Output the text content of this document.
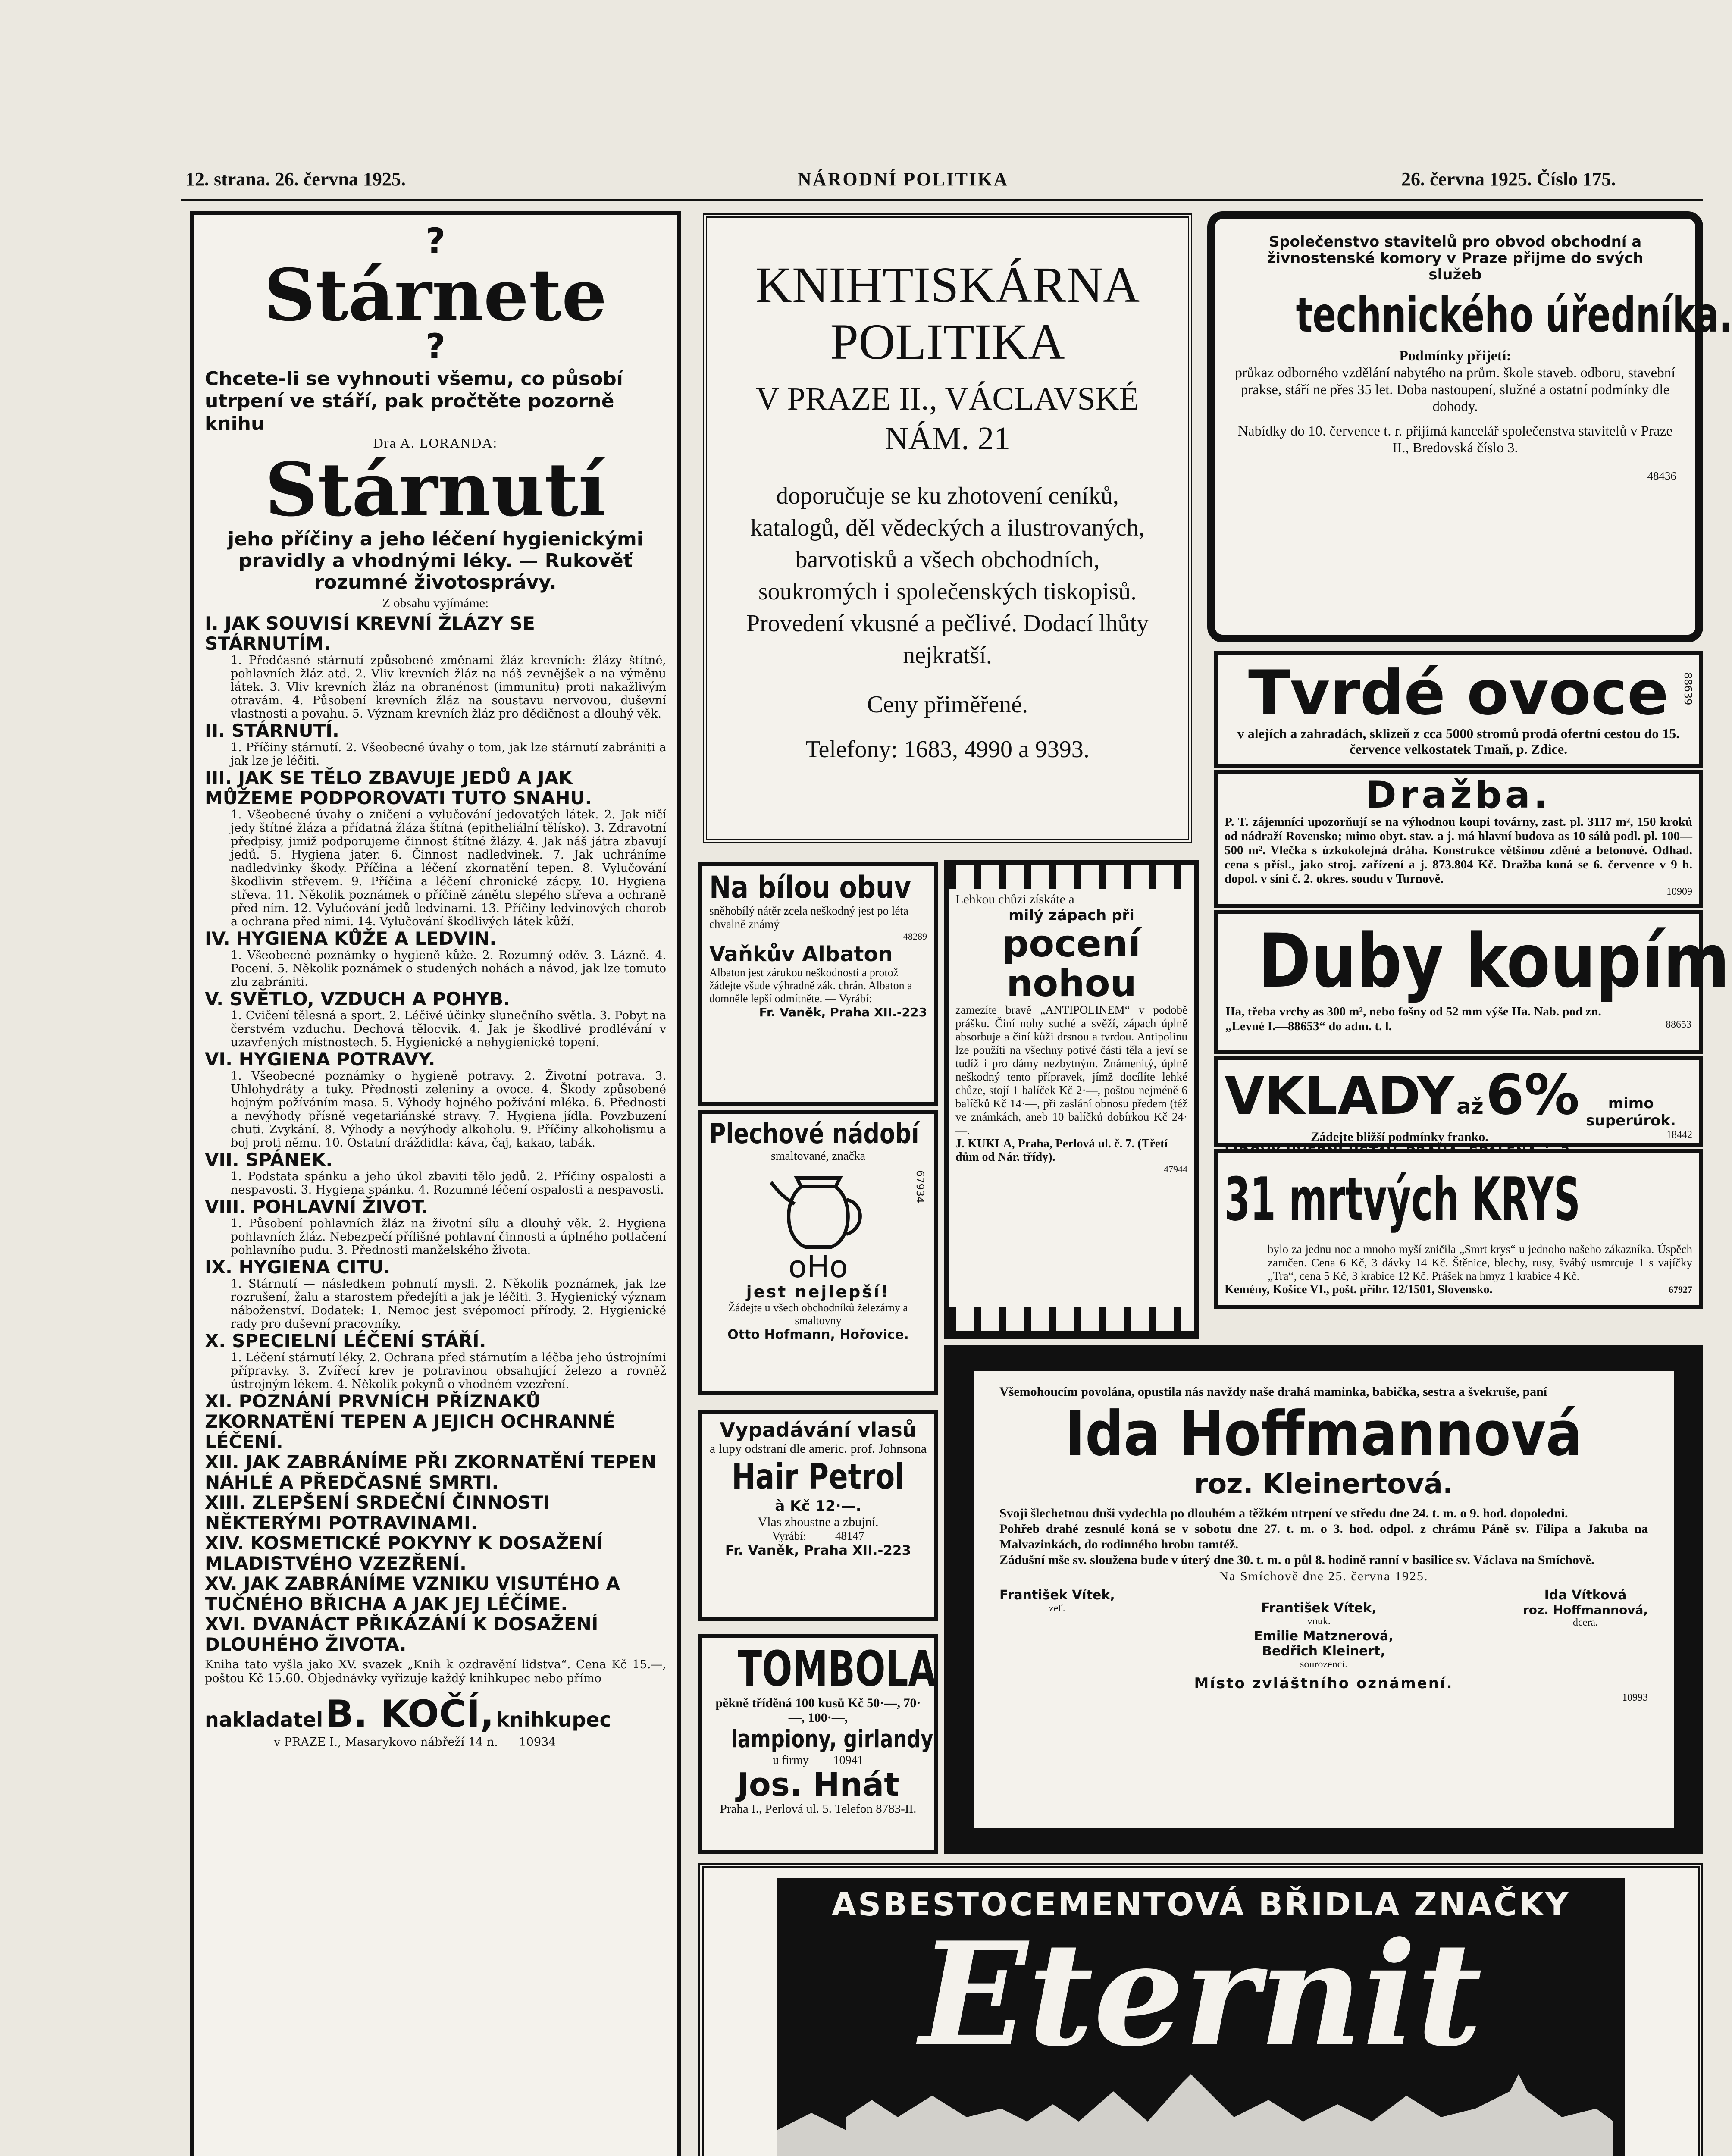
12. strana. 26. června 1925.	NÁRODNÍ POLITIKA	26. června 1925. Číslo 175.
?
Stárnete
?
Chcete-li se vyhnouti všemu, co působí utrpení ve stáří, pak pročtěte pozorně knihu
Dra A. LORANDA:
Stárnutí
jeho příčiny a jeho léčení hygienickými pravidly a vhodnými léky. — Rukověť rozumné životosprávy.
Z obsahu vyjímáme:
I. JAK SOUVISÍ KREVNÍ ŽLÁZY SE STÁRNUTÍM.
1. Předčasné stárnutí způsobené změnami žláz krevních: žlázy štítné, pohlavních žláz atd. 2. Vliv krevních žláz na náš zevnějšek a na výměnu látek. 3. Vliv krevních žláz na obranénost (immunitu) proti nakažlivým otravám. 4. Působení krevních žláz na soustavu nervovou, duševní vlastnosti a povahu. 5. Význam krevních žláz pro dědičnost a dlouhý věk.
II. STÁRNUTÍ.
1. Příčiny stárnutí. 2. Všeobecné úvahy o tom, jak lze stárnutí zabrániti a jak lze je léčiti.
III. JAK SE TĚLO ZBAVUJE JEDŮ A JAK MŮŽEME PODPOROVATI TUTO SNAHU.
1. Všeobecné úvahy o zničení a vylučování jedovatých látek. 2. Jak ničí jedy štítné žláza a přídatná žláza štítná (epitheliální tělísko). 3. Zdravotní předpisy, jimiž podporujeme činnost štítné žlázy. 4. Jak náš játra zbavují jedů. 5. Hygiena jater. 6. Činnost nadledvinek. 7. Jak uchráníme nadledvinky škody. Příčina a léčení zkornatění tepen. 8. Vylučování škodlivin střevem. 9. Příčina a léčení chronické zácpy. 10. Hygiena střeva. 11. Několik poznámek o příčině zánětu slepého střeva a ochraně před ním. 12. Vylučování jedů ledvinami. 13. Příčiny ledvinových chorob a ochrana před nimi. 14. Vylučování škodlivých látek kůží.
IV. HYGIENA KŮŽE A LEDVIN.
1. Všeobecné poznámky o hygieně kůže. 2. Rozumný oděv. 3. Lázně. 4. Pocení. 5. Několik poznámek o studených nohách a návod, jak lze tomuto zlu zabrániti.
V. SVĚTLO, VZDUCH A POHYB.
1. Cvičení tělesná a sport. 2. Léčivé účinky slunečního světla. 3. Pobyt na čerstvém vzduchu. Dechová tělocvik. 4. Jak je škodlivé prodlévání v uzavřených místnostech. 5. Hygienické a nehygienické topení.
VI. HYGIENA POTRAVY.
1. Všeobecné poznámky o hygieně potravy. 2. Životní potrava. 3. Uhlohydráty a tuky. Přednosti zeleniny a ovoce. 4. Škody způsobené hojným požíváním masa. 5. Výhody hojného požívání mléka. 6. Přednosti a nevýhody přísně vegetariánské stravy. 7. Hygiena jídla. Povzbuzení chuti. Zvykání. 8. Výhody a nevýhody alkoholu. 9. Příčiny alkoholismu a boj proti němu. 10. Ostatní dráždidla: káva, čaj, kakao, tabák.
VII. SPÁNEK.
1. Podstata spánku a jeho úkol zbaviti tělo jedů. 2. Příčiny ospalosti a nespavosti. 3. Hygiena spánku. 4. Rozumné léčení ospalosti a nespavosti.
VIII. POHLAVNÍ ŽIVOT.
1. Působení pohlavních žláz na životní sílu a dlouhý věk. 2. Hygiena pohlavních žláz. Nebezpečí přílišné pohlavní činnosti a úplného potlačení pohlavního pudu. 3. Přednosti manželského života.
IX. HYGIENA CITU.
1. Stárnutí — následkem pohnutí mysli. 2. Několik poznámek, jak lze rozrušení, žalu a starostem předejíti a jak je léčiti. 3. Hygienický význam náboženství. Dodatek: 1. Nemoc jest svépomocí přírody. 2. Hygienické rady pro duševní pracovníky.
X. SPECIELNÍ LÉČENÍ STÁŘÍ.
1. Léčení stárnutí léky. 2. Ochrana před stárnutím a léčba jeho ústrojními přípravky. 3. Zvířecí krev je potravinou obsahující železo a rovněž ústrojným lékem. 4. Několik pokynů o vhodném vzezření.
XI. POZNÁNÍ PRVNÍCH PŘÍZNAKŮ ZKORNATĚNÍ TEPEN A JEJICH OCHRANNÉ LÉČENÍ.
XII. JAK ZABRÁNÍME PŘI ZKORNATĚNÍ TEPEN NÁHLÉ A PŘEDČASNÉ SMRTI.
XIII. ZLEPŠENÍ SRDEČNÍ ČINNOSTI NĚKTERÝMI POTRAVINAMI.
XIV. KOSMETICKÉ POKYNY K DOSAŽENÍ MLADISTVÉHO VZEZŘENÍ.
XV. JAK ZABRÁNÍME VZNIKU VISUTÉHO A TUČNÉHO BŘICHA A JAK JEJ LÉČÍME.
XVI. DVANÁCT PŘIKÁZÁNÍ K DOSAŽENÍ DLOUHÉHO ŽIVOTA.
Kniha tato vyšla jako XV. svazek „Knih k ozdravění lidstva“. Cena Kč 15.—, poštou Kč 15.60. Objednávky vyřizuje každý knihkupec nebo přímo
nakladatel B. KOČÍ, knihkupec
v PRAZE I., Masarykovo nábřeží 14 n. 10934
KNIHTISKÁRNA
POLITIKA
V PRAZE II., VÁCLAVSKÉ
NÁM. 21
doporučuje se ku zhotovení ceníků, katalogů, děl vědeckých a ilustrovaných, barvotisků a všech obchodních, soukromých i společenských tiskopisů. Provedení vkusné a pečlivé. Dodací lhůty nejkratší.
Ceny přiměřené.
Telefony: 1683, 4990 a 9393.
Společenstvo stavitelů pro obvod obchodní a živnostenské komory v Praze přijme do svých služeb
technického úředníka.
Podmínky přijetí:
průkaz odborného vzdělání nabytého na prům. škole staveb. odboru, stavební prakse, stáří ne přes 35 let. Doba nastoupení, služné a ostatní podmínky dle dohody.
Nabídky do 10. července t. r. přijímá kancelář společenstva stavitelů v Praze II., Bredovská číslo 3.
48436
Tvrdé ovoce	88639
v alejích a zahradách, sklizeň z cca 5000 stromů prodá ofertní cestou do 15. července velkostatek Tmaň, p. Zdice.
Dražba.
P. T. zájemníci upozorňují se na výhodnou koupi továrny, zast. pl. 3117 m², 150 kroků od nádraží Rovensko; mimo obyt. stav. a j. má hlavní budova as 10 sálů podl. pl. 100—500 m². Vlečka s úzkokolejná dráha. Konstrukce většinou zděné a betonové. Odhad. cena s přísl., jako stroj. zařízení a j. 873.804 Kč. Dražba koná se 6. července v 9 h. dopol. v síni č. 2. okres. soudu v Turnově.
10909
Duby koupím
IIa, třeba vrchy as 300 m², nebo fošny od 52 mm výše IIa. Nab. pod zn. „Levné I.—88653“ do adm. t. l.	88653
VKLADY až 6%	mimo
superúrok.
Zádejte bližší podmínky franko.	18442
31 mrtvých KRYS
bylo za jednu noc a mnoho myší zničila „Smrt krys“ u jednoho našeho zákazníka. Úspěch zaručen. Cena 6 Kč, 3 dávky 14 Kč. Štěnice, blechy, rusy, švábý usmrcuje 1 s vajíčky „Tra“, cena 5 Kč, 3 krabice 12 Kč. Prášek na hmyz 1 krabice 4 Kč.
Kemény, Košice VI., pošt. přihr. 12/1501, Slovensko.	67927
Na bílou obuv
sněhobílý nátěr zcela neškodný jest po léta chvalně známý
48289
Vaňkův Albaton
Albaton jest zárukou neškodnosti a protož žádejte všude výhradně zák. chrán. Albaton a domněle lepší odmítněte. — Vyrábí:
Fr. Vaněk, Praha XII.-223
Plechové nádobí
smaltované, značka
67934
oHo
jest nejlepší!
Žádejte u všech obchodníků železárny a smaltovny
Otto Hofmann, Hořovice.
Vypadávání vlasů
a lupy odstraní dle americ. prof. Johnsona
Hair Petrol
à Kč 12·—.
Vlas zhoustne a zbujní.
Vyrábí: 48147
Fr. Vaněk, Praha XII.-223
TOMBOLA
pěkně tříděná 100 kusů Kč 50·—, 70·—, 100·—,
lampiony, girlandy
u firmy 10941
Jos. Hnát
Praha I., Perlová ul. 5. Telefon 8783-II.
Lehkou chůzi získáte a
milý zápach při
pocení
nohou
zamezíte bravě „ANTIPOLINEM“ v podobě prášku. Činí nohy suché a svěží, zápach úplně absorbuje a činí kůži drsnou a tvrdou. Antipolinu lze použíti na všechny potivé části těla a jeví se tudíž i pro dámy nezbytným. Známenitý, úplně neškodný tento přípravek, jímž docílíte lehké chůze, stojí 1 balíček Kč 2·—, poštou nejméně 6 balíčků Kč 14·—, při zaslání obnosu předem (též ve známkách, aneb 10 balíčků dobírkou Kč 24·—.
J. KUKLA, Praha, Perlová ul. č. 7. (Třetí dům od Nár. třídy).
47944
Všemohoucím povolána, opustila nás navždy naše drahá maminka, babička, sestra a švekruše, paní
Ida Hoffmannová
roz. Kleinertová.
Svoji šlechetnou duši vydechla po dlouhém a těžkém utrpení ve středu dne 24. t. m. o 9. hod. dopoledni.
Pohřeb drahé zesnulé koná se v sobotu dne 27. t. m. o 3. hod. odpol. z chrámu Páně sv. Filipa a Jakuba na Malvazinkách, do rodinného hrobu tamtéž.
Zádušní mše sv. sloužena bude v úterý dne 30. t. m. o půl 8. hodině ranní v basilice sv. Václava na Smíchově.
Na Smíchově dne 25. června 1925.
František Vítek,
zeť.	František Vítek,
vnuk.
Ida Vítková
roz. Hoffmannová,
dcera.
Emilie Matznerová, Bedřich Kleinert,
sourozenci.
Místo zvláštního oznámení.
10993
ASBESTOCEMENTOVÁ BŘIDLA ZNAČKY
Eternit
